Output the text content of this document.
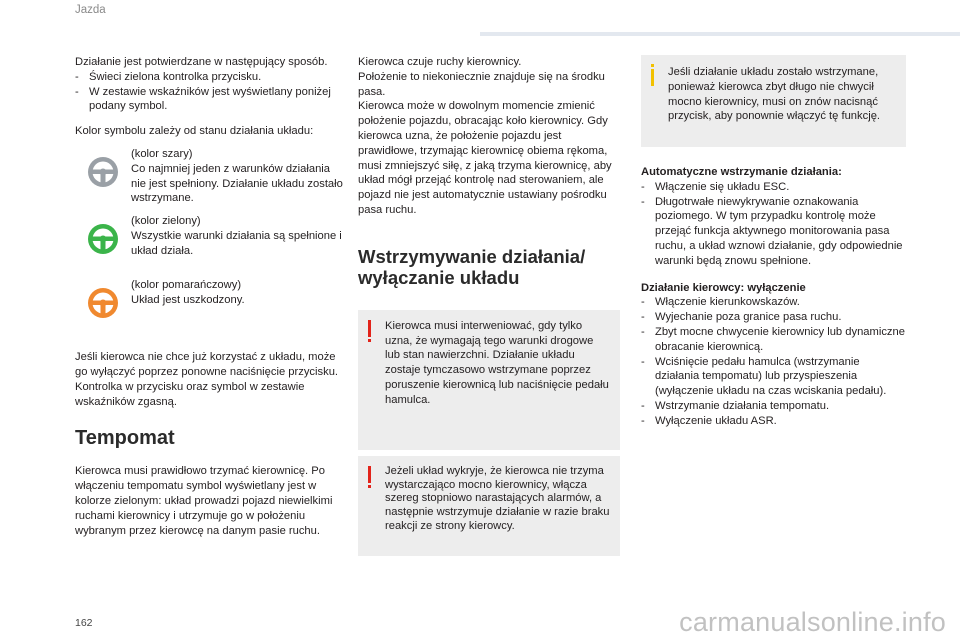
Jazda

Działanie jest potwierdzane w następujący sposób.

- Świeci zielona kontrolka przycisku.
- W zestawie wskaźników jest wyświetlany poniżej podany symbol.

Kolor symbolu zależy od stanu działania układu:

(kolor szary)

Co najmniej jeden z warunków działania nie jest spełniony. Działanie układu zostało wstrzymane.

(kolor zielony)

Wszystkie warunki działania są spełnione i układ działa.

(kolor pomarańczowy)

Układ jest uszkodzony.

Jeśli kierowca nie chce już korzystać z układu, może go wyłączyć poprzez ponowne naciśnięcie przycisku.

Kontrolka w przycisku oraz symbol w zestawie wskaźników zgasną.

Tempomat

Kierowca musi prawidłowo trzymać kierownicę. Po włączeniu tempomatu symbol wyświetlany jest w kolorze zielonym: układ prowadzi pojazd niewielkimi ruchami kierownicy i utrzymuje go w położeniu wybranym przez kierowcę na danym pasie ruchu.

Kierowca czuje ruchy kierownicy.

Położenie to niekoniecznie znajduje się na środku pasa.

Kierowca może w dowolnym momencie zmienić położenie pojazdu, obracając koło kierownicy. Gdy kierowca uzna, że położenie pojazdu jest prawidłowe, trzymając kierownicę obiema rękoma, musi zmniejszyć siłę, z jaką trzyma kierownicę, aby układ mógł przejąć kontrolę nad sterowaniem, ale pojazd nie jest automatycznie ustawiany pośrodku pasa ruchu.

Wstrzymywanie działania/
wyłączanie układu

Kierowca musi interweniować, gdy tylko uzna, że wymagają tego warunki drogowe lub stan nawierzchni. Działanie układu zostaje tymczasowo wstrzymane poprzez poruszenie kierownicą lub naciśnięcie pedału hamulca.

Jeżeli układ wykryje, że kierowca nie trzyma wystarczająco mocno kierownicy, włącza szereg stopniowo narastających alarmów, a następnie wstrzymuje działanie w razie braku reakcji ze strony kierowcy.

Jeśli działanie układu zostało wstrzymane, ponieważ kierowca zbyt długo nie chwycił mocno kierownicy, musi on znów nacisnąć przycisk, aby ponownie włączyć tę funkcję.

Automatyczne wstrzymanie działania:

- Włączenie się układu ESC.
- Długotrwałe niewykrywanie oznakowania poziomego. W tym przypadku kontrolę może przejąć funkcja aktywnego monitorowania pasa ruchu, a układ wznowi działanie, gdy odpowiednie warunki będą znowu spełnione.

Działanie kierowcy: wyłączenie

- Włączenie kierunkowskazów.
- Wyjechanie poza granice pasa ruchu.
- Zbyt mocne chwycenie kierownicy lub dynamiczne obracanie kierownicą.
- Wciśnięcie pedału hamulca (wstrzymanie działania tempomatu) lub przyspieszenia (wyłączenie układu na czas wciskania pedału).
- Wstrzymanie działania tempomatu.
- Wyłączenie układu ASR.
162	carmanualsonline.info
